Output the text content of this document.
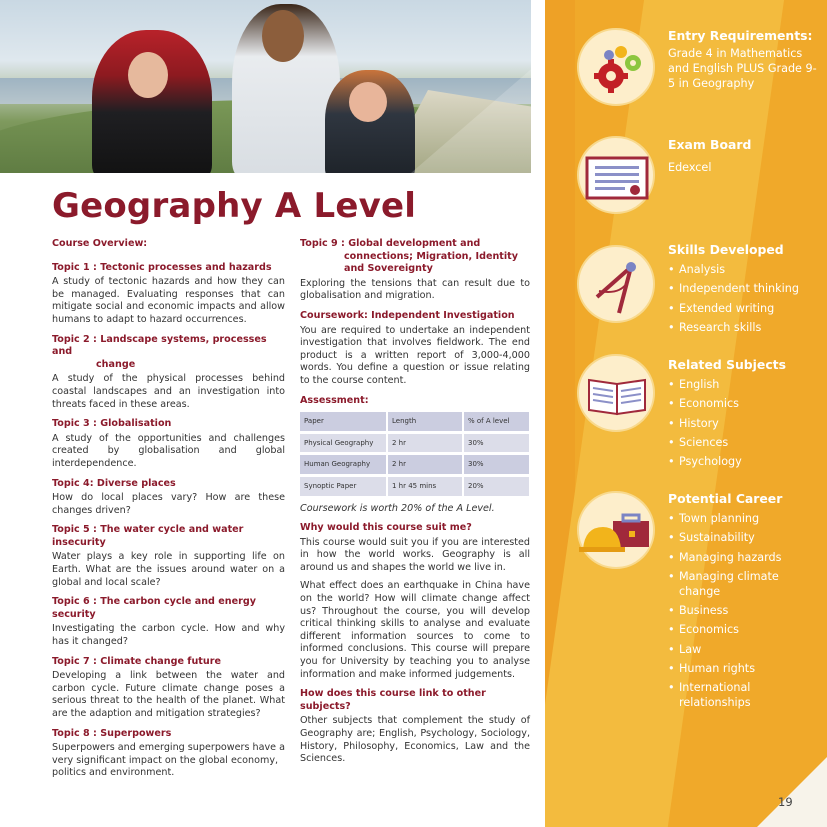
Geography A Level
Course Overview:
Topic 1 : Tectonic processes and hazards
A study of tectonic hazards and how they can be managed. Evaluating responses that can mitigate social and economic impacts and allow humans to adapt to hazard occurrences.
Topic 2 : Landscape systems, processes and
change
A study of the physical processes behind coastal landscapes and an investigation into threats faced in these areas.
Topic 3 : Globalisation
A study of the opportunities and challenges created by globalisation and global interdependence.
Topic 4: Diverse places
How do local places vary? How are these changes driven?
Topic 5 : The water cycle and water insecurity
Water plays a key role in supporting life on Earth. What are the issues around water on a global and local scale?
Topic 6 : The carbon cycle and energy security
Investigating the carbon cycle. How and why has it changed?
Topic 7 : Climate change future
Developing a link between the water and carbon cycle. Future climate change poses a serious threat to the health of the planet. What are the adaption and mitigation strategies?
Topic 8 : Superpowers
Superpowers and emerging superpowers have a very significant impact on the global economy, politics and environment.
Topic 9 : Global development and
connections; Migration, Identity
and Sovereignty
Exploring the tensions that can result due to globalisation and migration.
Coursework: Independent Investigation
You are required to undertake an independent investigation that involves fieldwork. The end product is a written report of 3,000-4,000 words. You define a question or issue relating to the course content.
Assessment:
Paper	Length	% of A level
Physical Geography	2 hr	30%
Human Geography	2 hr	30%
Synoptic Paper	1 hr 45 mins	20%
Coursework is worth 20% of the A Level.
Why would this course suit me?
This course would suit you if you are interested in how the world works. Geography is all around us and shapes the world we live in.
What effect does an earthquake in China have on the world? How will climate change affect us? Throughout the course, you will develop critical thinking skills to analyse and evaluate different information sources to come to informed conclusions. This course will prepare you for University by teaching you to analyse information and make informed judgements.
How does this course link to other subjects?
Other subjects that complement the study of Geography are; English, Psychology, Sociology, History, Philosophy, Economics, Law and the Sciences.
Entry Requirements:
Grade 4 in Mathematics and English PLUS Grade 9-5 in Geography
Exam Board
Edexcel
Skills Developed
• Analysis
• Independent thinking
• Extended writing
• Research skills
Related Subjects
• English
• Economics
• History
• Sciences
• Psychology
Potential Career
• Town planning
• Sustainability
• Managing hazards
• Managing climate change
• Business
• Economics
• Law
• Human rights
• International relationships
19
